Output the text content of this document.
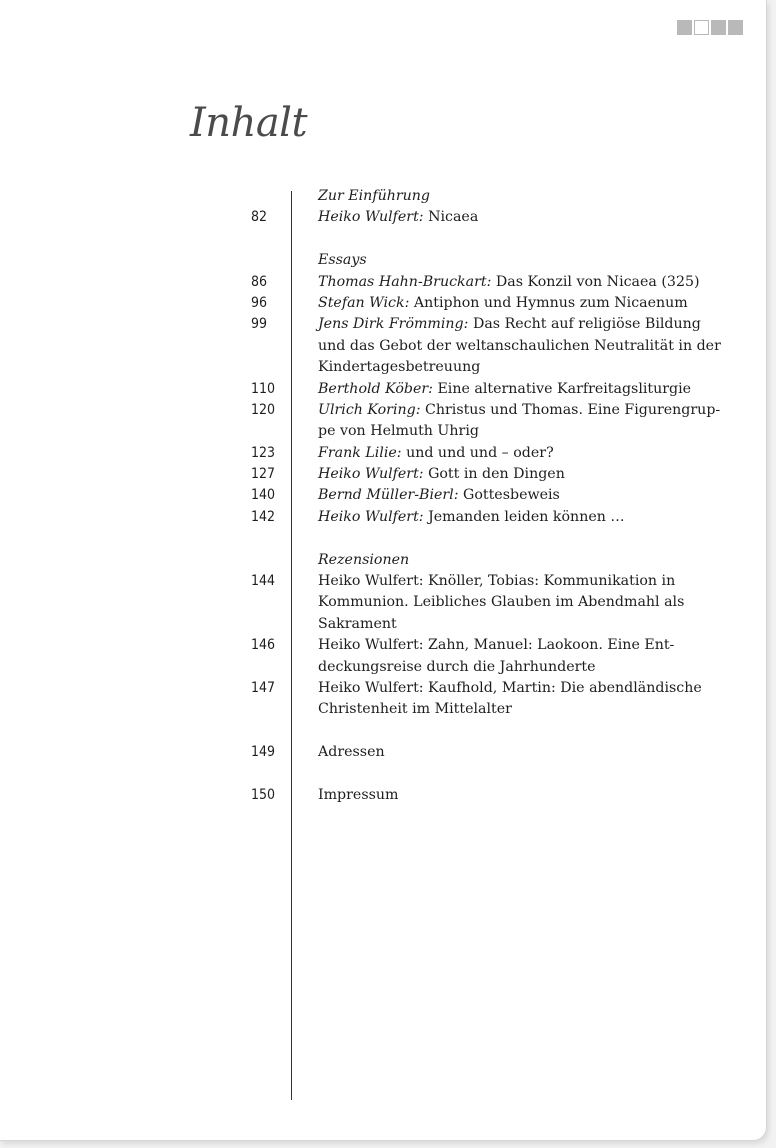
Inhalt
Zur Einführung
82	Heiko Wulfert: Nicaea
Essays
86	Thomas Hahn-Bruckart: Das Konzil von Nicaea (325)
96	Stefan Wick: Antiphon und Hymnus zum Nicaenum
99	Jens Dirk Frömming: Das Recht auf religiöse Bildung
und das Gebot der weltanschaulichen Neutralität in der
Kindertagesbetreuung
110	Berthold Köber: Eine alternative Karfreitagsliturgie
120	Ulrich Koring: Christus und Thomas. Eine Figurengrup-
pe von Helmuth Uhrig
123	Frank Lilie: und und und – oder?
127	Heiko Wulfert: Gott in den Dingen
140	Bernd Müller-Bierl: Gottesbeweis
142	Heiko Wulfert: Jemanden leiden können …
Rezensionen
144	Heiko Wulfert: Knöller, Tobias: Kommunikation in
Kommunion. Leibliches Glauben im Abendmahl als
Sakrament
146	Heiko Wulfert: Zahn, Manuel: Laokoon. Eine Ent-
deckungsreise durch die Jahrhunderte
147	Heiko Wulfert: Kaufhold, Martin: Die abendländische
Christenheit im Mittelalter
149	Adressen
150	Impressum
